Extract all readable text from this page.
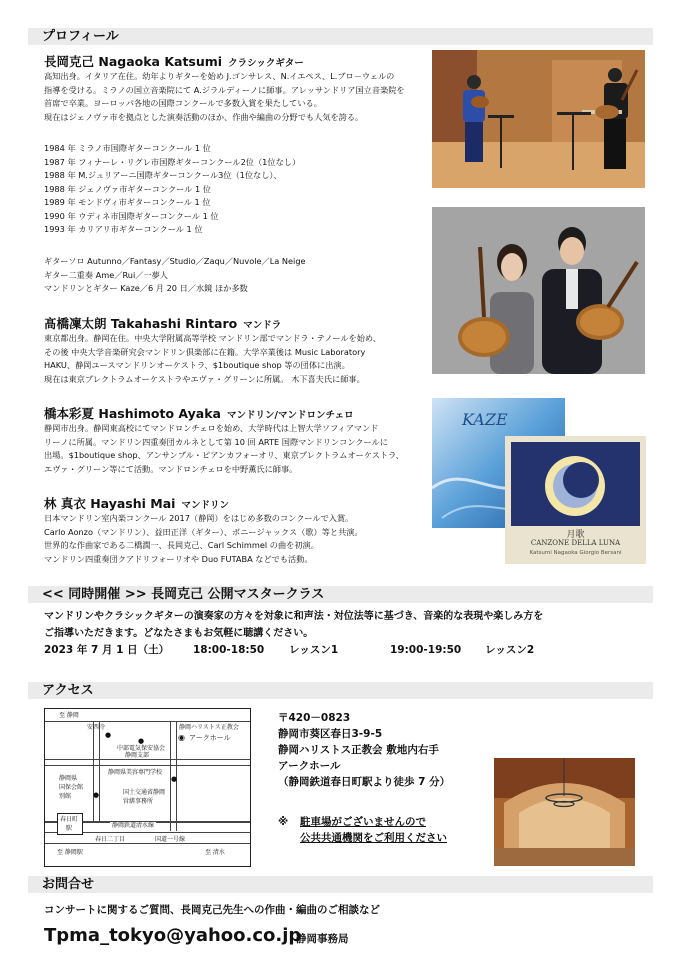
プロフィール
長岡克己 Nagaoka Katsumi クラシックギター
高知出身。イタリア在住。幼年よりギターを始め J.ゴンサレス、N.イエペス、L.ブロ－ウェルの
指導を受ける。ミラノの国立音楽院にて A.ジラルディーノに師事。アレッサンドリア国立音楽院を
首席で卒業。ヨーロッパ各地の国際コンクールで多数入賞を果たしている。
現在はジェノヴァ市を拠点とした演奏活動のほか、作曲や編曲の分野でも人気を誇る。
1984 年 ミラノ市国際ギターコンクール 1 位
1987 年 フィナーレ・リグレ市国際ギターコンクール2位（1位なし）
1988 年 M.ジュリアーニ国際ギターコンクール3位（1位なし）、
1988 年 ジェノヴァ市ギターコンクール 1 位
1989 年 モンドヴィ市ギターコンクール 1 位
1990 年 ウディネ市国際ギターコンクール 1 位
1993 年 カリアリ市ギターコンクール 1 位
ギターソロ Autunno／Fantasy／Studio／Zaqu／Nuvole／La Neige
ギター二重奏 Ame／Rui／一夢人
マンドリンとギター Kaze／6 月 20 日／水鏡 ほか多数
髙橋凜太朗 Takahashi Rintaro マンドラ
東京都出身。静岡在住。中央大学附属高等学校 マンドリン部でマンドラ・テノールを始め、
その後 中央大学音楽研究会マンドリン倶楽部に在籍。大学卒業後は Music Laboratory
HAKU、静岡ユースマンドリンオーケストラ、$1boutique shop 等の団体に出演。
現在は東京プレクトラムオーケストラやエヴァ・グリーンに所属。 木下喜夫氏に師事。
橋本彩夏 Hashimoto Ayaka マンドリン/マンドロンチェロ
静岡市出身。静岡東高校にてマンドロンチェロを始め、大学時代は上智大学ソフィアマンド
リーノに所属。マンドリン四重奏団カルネとして第 10 回 ARTE 国際マンドリンコンクールに
出場。$1boutique shop、アンサンブル・ピアンカフォーオリ、東京プレクトラムオーケストラ、
エヴァ・グリーン等にて活動。マンドロンチェロを中野薫氏に師事。
林 真衣 Hayashi Mai マンドリン
日本マンドリン室内楽コンクール 2017（静岡）をはじめ多数のコンクールで入賞。
Carlo Aonzo（マンドリン）、益田正洋（ギター）、ボニージャックス（歌）等と共演。
世界的な作曲家である二橋潤一、長岡克己、Carl Schimmel の曲を初演。
マンドリン四重奏団クアドリフォーリオや Duo FUTABA などでも活動。
KAZE
月歌
CANZONE DELLA LUNA
Katsumi Nagaoka Giorgio Bersani
<< 同時開催 >> 長岡克己 公開マスタークラス
マンドリンやクラシックギターの演奏家の方々を対象に和声法・対位法等に基づき、音楽的な表現や楽しみ方を
ご指導いただきます。どなたさまもお気軽に聴講ください。
2023 年 7 月 1 日（土） 18:00-18:50 レッスン1	19:00-19:50 レッスン2
アクセス
安西寺
●
静岡ハリストス正教会
◉ アークホール
●
中部電気保安協会
静岡支部
静岡県美容専門学校
静岡県
国保会館
別館	●
●
国土交通省静岡
営繕事務所
春日町
駅	静岡鉄道清水線
春日二丁目	国道一号線
至 静岡駅	至 清水
至 静岡	〒420－0823
静岡市葵区春日3-9-5
静岡ハリストス正教会 敷地内右手
アークホール
（静岡鉄道春日町駅より徒歩 7 分）
※ 駐車場がございませんので
公共共通機関をご利用ください
お問合せ
コンサートに関するご質問、長岡克己先生への作曲・編曲のご相談など
Tpma_tokyo@yahoo.co.jp
静岡事務局
